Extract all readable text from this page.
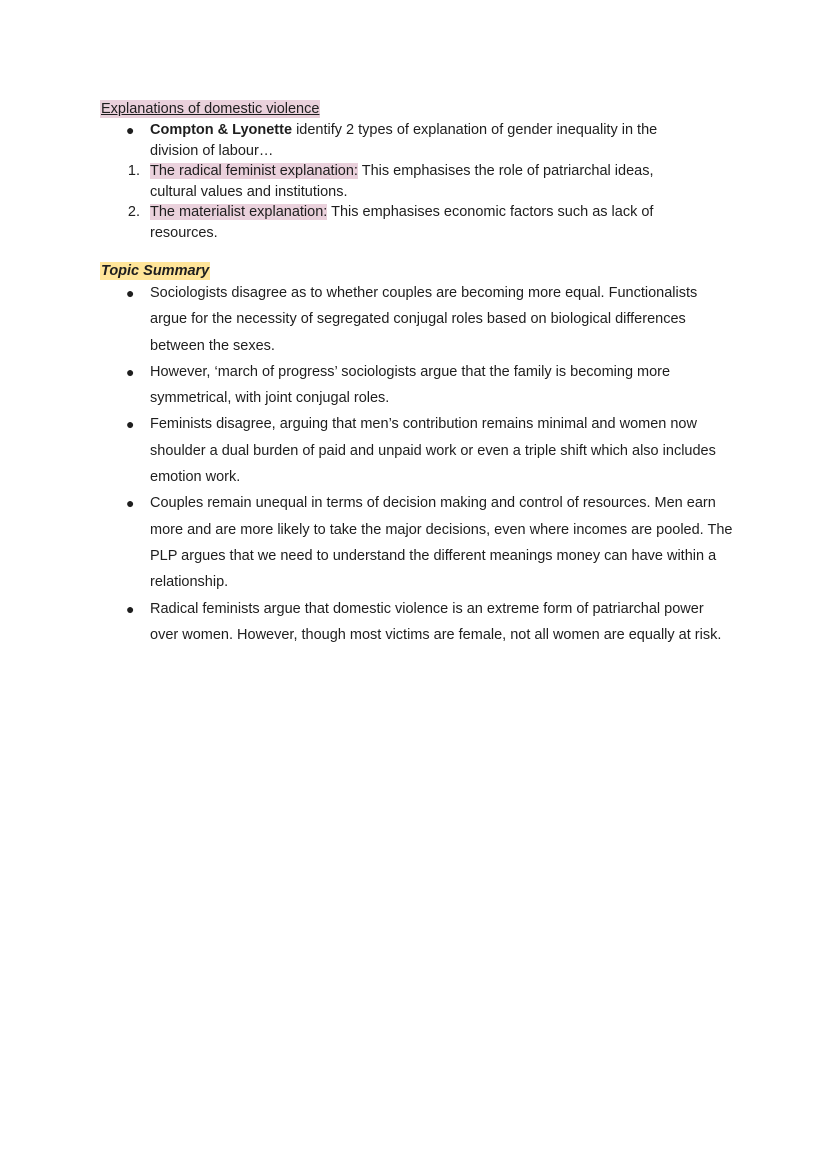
Explanations of domestic violence
● Compton & Lyonette identify 2 types of explanation of gender inequality in the division of labour…
1. The radical feminist explanation: This emphasises the role of patriarchal ideas, cultural values and institutions.
2. The materialist explanation: This emphasises economic factors such as lack of resources.
Topic Summary
● Sociologists disagree as to whether couples are becoming more equal. Functionalists argue for the necessity of segregated conjugal roles based on biological differences between the sexes.
● However, ‘march of progress’ sociologists argue that the family is becoming more symmetrical, with joint conjugal roles.
● Feminists disagree, arguing that men’s contribution remains minimal and women now shoulder a dual burden of paid and unpaid work or even a triple shift which also includes emotion work.
● Couples remain unequal in terms of decision making and control of resources. Men earn more and are more likely to take the major decisions, even where incomes are pooled. The PLP argues that we need to understand the different meanings money can have within a relationship.
● Radical feminists argue that domestic violence is an extreme form of patriarchal power over women. However, though most victims are female, not all women are equally at risk.
